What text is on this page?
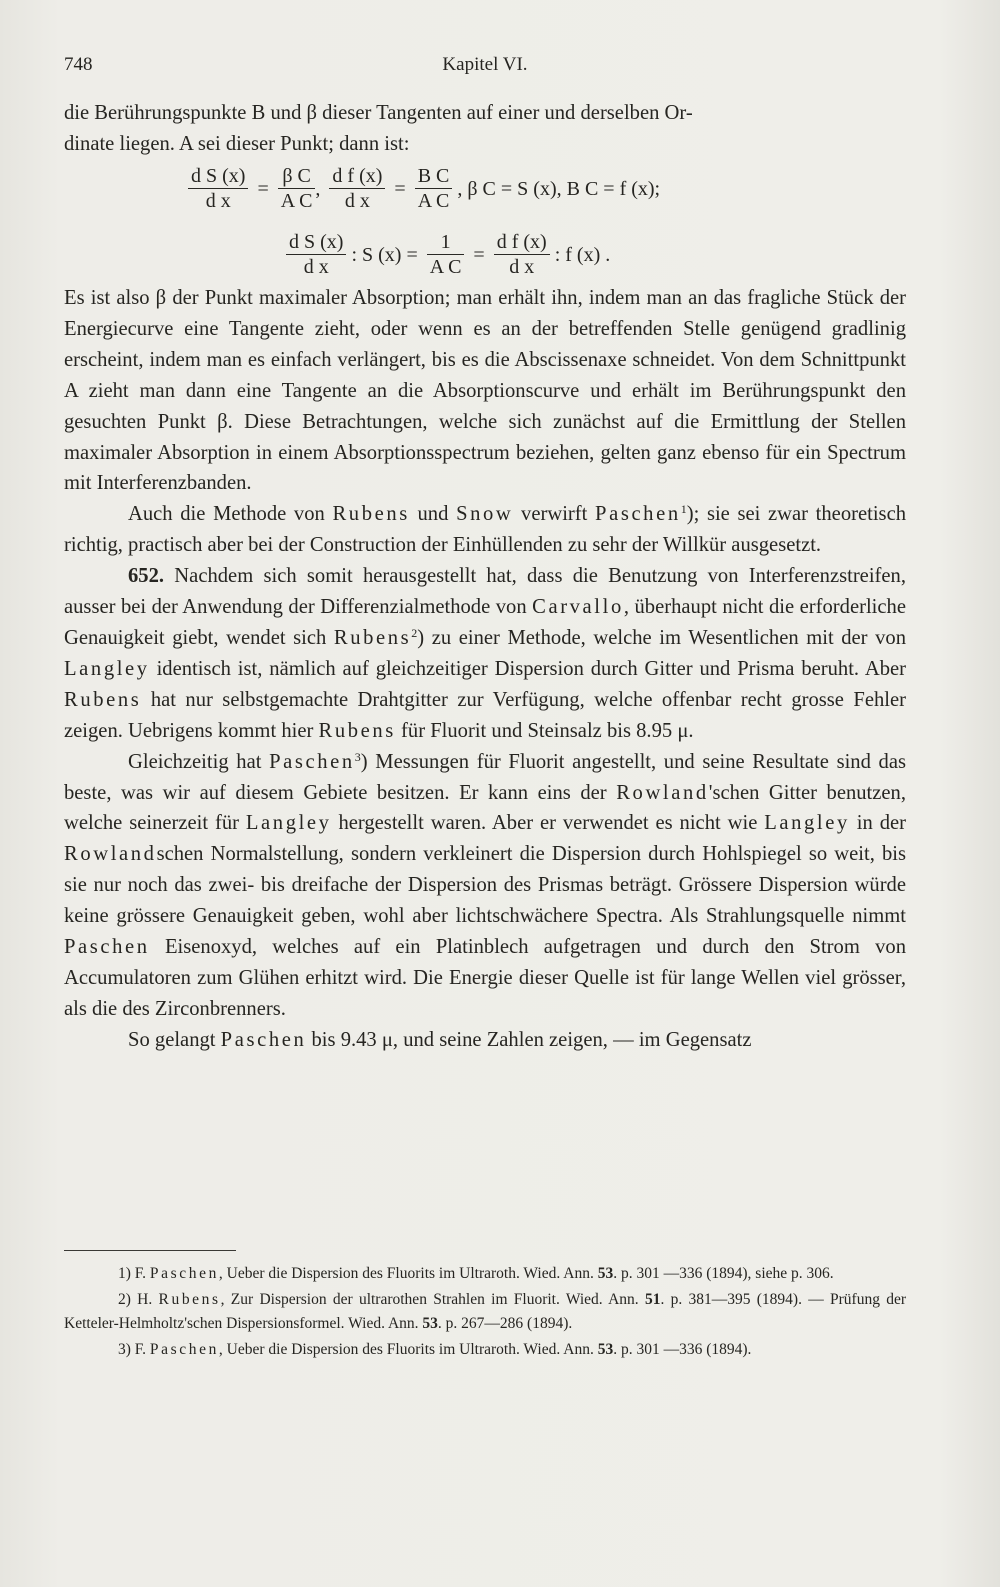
748	Kapitel VI.
die Berührungspunkte B und β dieser Tangenten auf einer und derselben Or-
dinate liegen. A sei dieser Punkt; dann ist:
$\frac{\text{d S (x)}}{\text{d x}} = \frac{\text{β C}}{\text{A C}}$ , $\frac{\text{d f (x)}}{\text{d x}} = \frac{\text{B C}}{\text{A C}}$ , β C = S (x), B C = f (x);
$\frac{\text{d S (x)}}{\text{d x}}$ : S $(x) = \frac{1}{\text{A C}} = \frac{\text{d f (x)}}{\text{d x}}$ : f (x) .

Es ist also β der Punkt maximaler Absorption; man erhält ihn, indem man an das fragliche Stück der Energiecurve eine Tangente zieht, oder wenn es an der betreffenden Stelle genügend gradlinig erscheint, indem man es einfach verlängert, bis es die Abscissenaxe schneidet. Von dem Schnittpunkt A zieht man dann eine Tangente an die Absorptionscurve und erhält im Berührungspunkt den gesuchten Punkt β. Diese Betrachtungen, welche sich zunächst auf die Ermittlung der Stellen maximaler Absorption in einem Absorptionsspectrum beziehen, gelten ganz ebenso für ein Spectrum mit Interferenzbanden.

Auch die Methode von Rubens und Snow verwirft Paschen$^1$); sie sei zwar theoretisch richtig, practisch aber bei der Construction der Einhüllenden zu sehr der Willkür ausgesetzt.

652. Nachdem sich somit herausgestellt hat, dass die Benutzung von Interferenzstreifen, ausser bei der Anwendung der Differenzialmethode von Carvallo, überhaupt nicht die erforderliche Genauigkeit giebt, wendet sich Rubens$^2$) zu einer Methode, welche im Wesentlichen mit der von Langley identisch ist, nämlich auf gleichzeitiger Dispersion durch Gitter und Prisma beruht. Aber Rubens hat nur selbstgemachte Drahtgitter zur Verfügung, welche offenbar recht grosse Fehler zeigen. Uebrigens kommt hier Rubens für Fluorit und Steinsalz bis 8.95 μ.

Gleichzeitig hat Paschen$^3$) Messungen für Fluorit angestellt, und seine Resultate sind das beste, was wir auf diesem Gebiete besitzen. Er kann eins der Rowland'schen Gitter benutzen, welche seinerzeit für Langley hergestellt waren. Aber er verwendet es nicht wie Langley in der Rowlandschen Normalstellung, sondern verkleinert die Dispersion durch Hohlspiegel so weit, bis sie nur noch das zwei- bis dreifache der Dispersion des Prismas beträgt. Grössere Dispersion würde keine grössere Genauigkeit geben, wohl aber lichtschwächere Spectra. Als Strahlungsquelle nimmt Paschen Eisenoxyd, welches auf ein Platinblech aufgetragen und durch den Strom von Accumulatoren zum Glühen erhitzt wird. Die Energie dieser Quelle ist für lange Wellen viel grösser, als die des Zirconbrenners.

So gelangt Paschen bis 9.43 μ, und seine Zahlen zeigen, — im Gegensatz

1) F. Paschen, Ueber die Dispersion des Fluorits im Ultraroth. Wied. Ann. 53. p. 301 —336 (1894), siehe p. 306.

2) H. Rubens, Zur Dispersion der ultrarothen Strahlen im Fluorit. Wied. Ann. 51. p. 381—395 (1894). — Prüfung der Ketteler-Helmholtz'schen Dispersionsformel. Wied. Ann. 53. p. 267—286 (1894).

3) F. Paschen, Ueber die Dispersion des Fluorits im Ultraroth. Wied. Ann. 53. p. 301 —336 (1894).
